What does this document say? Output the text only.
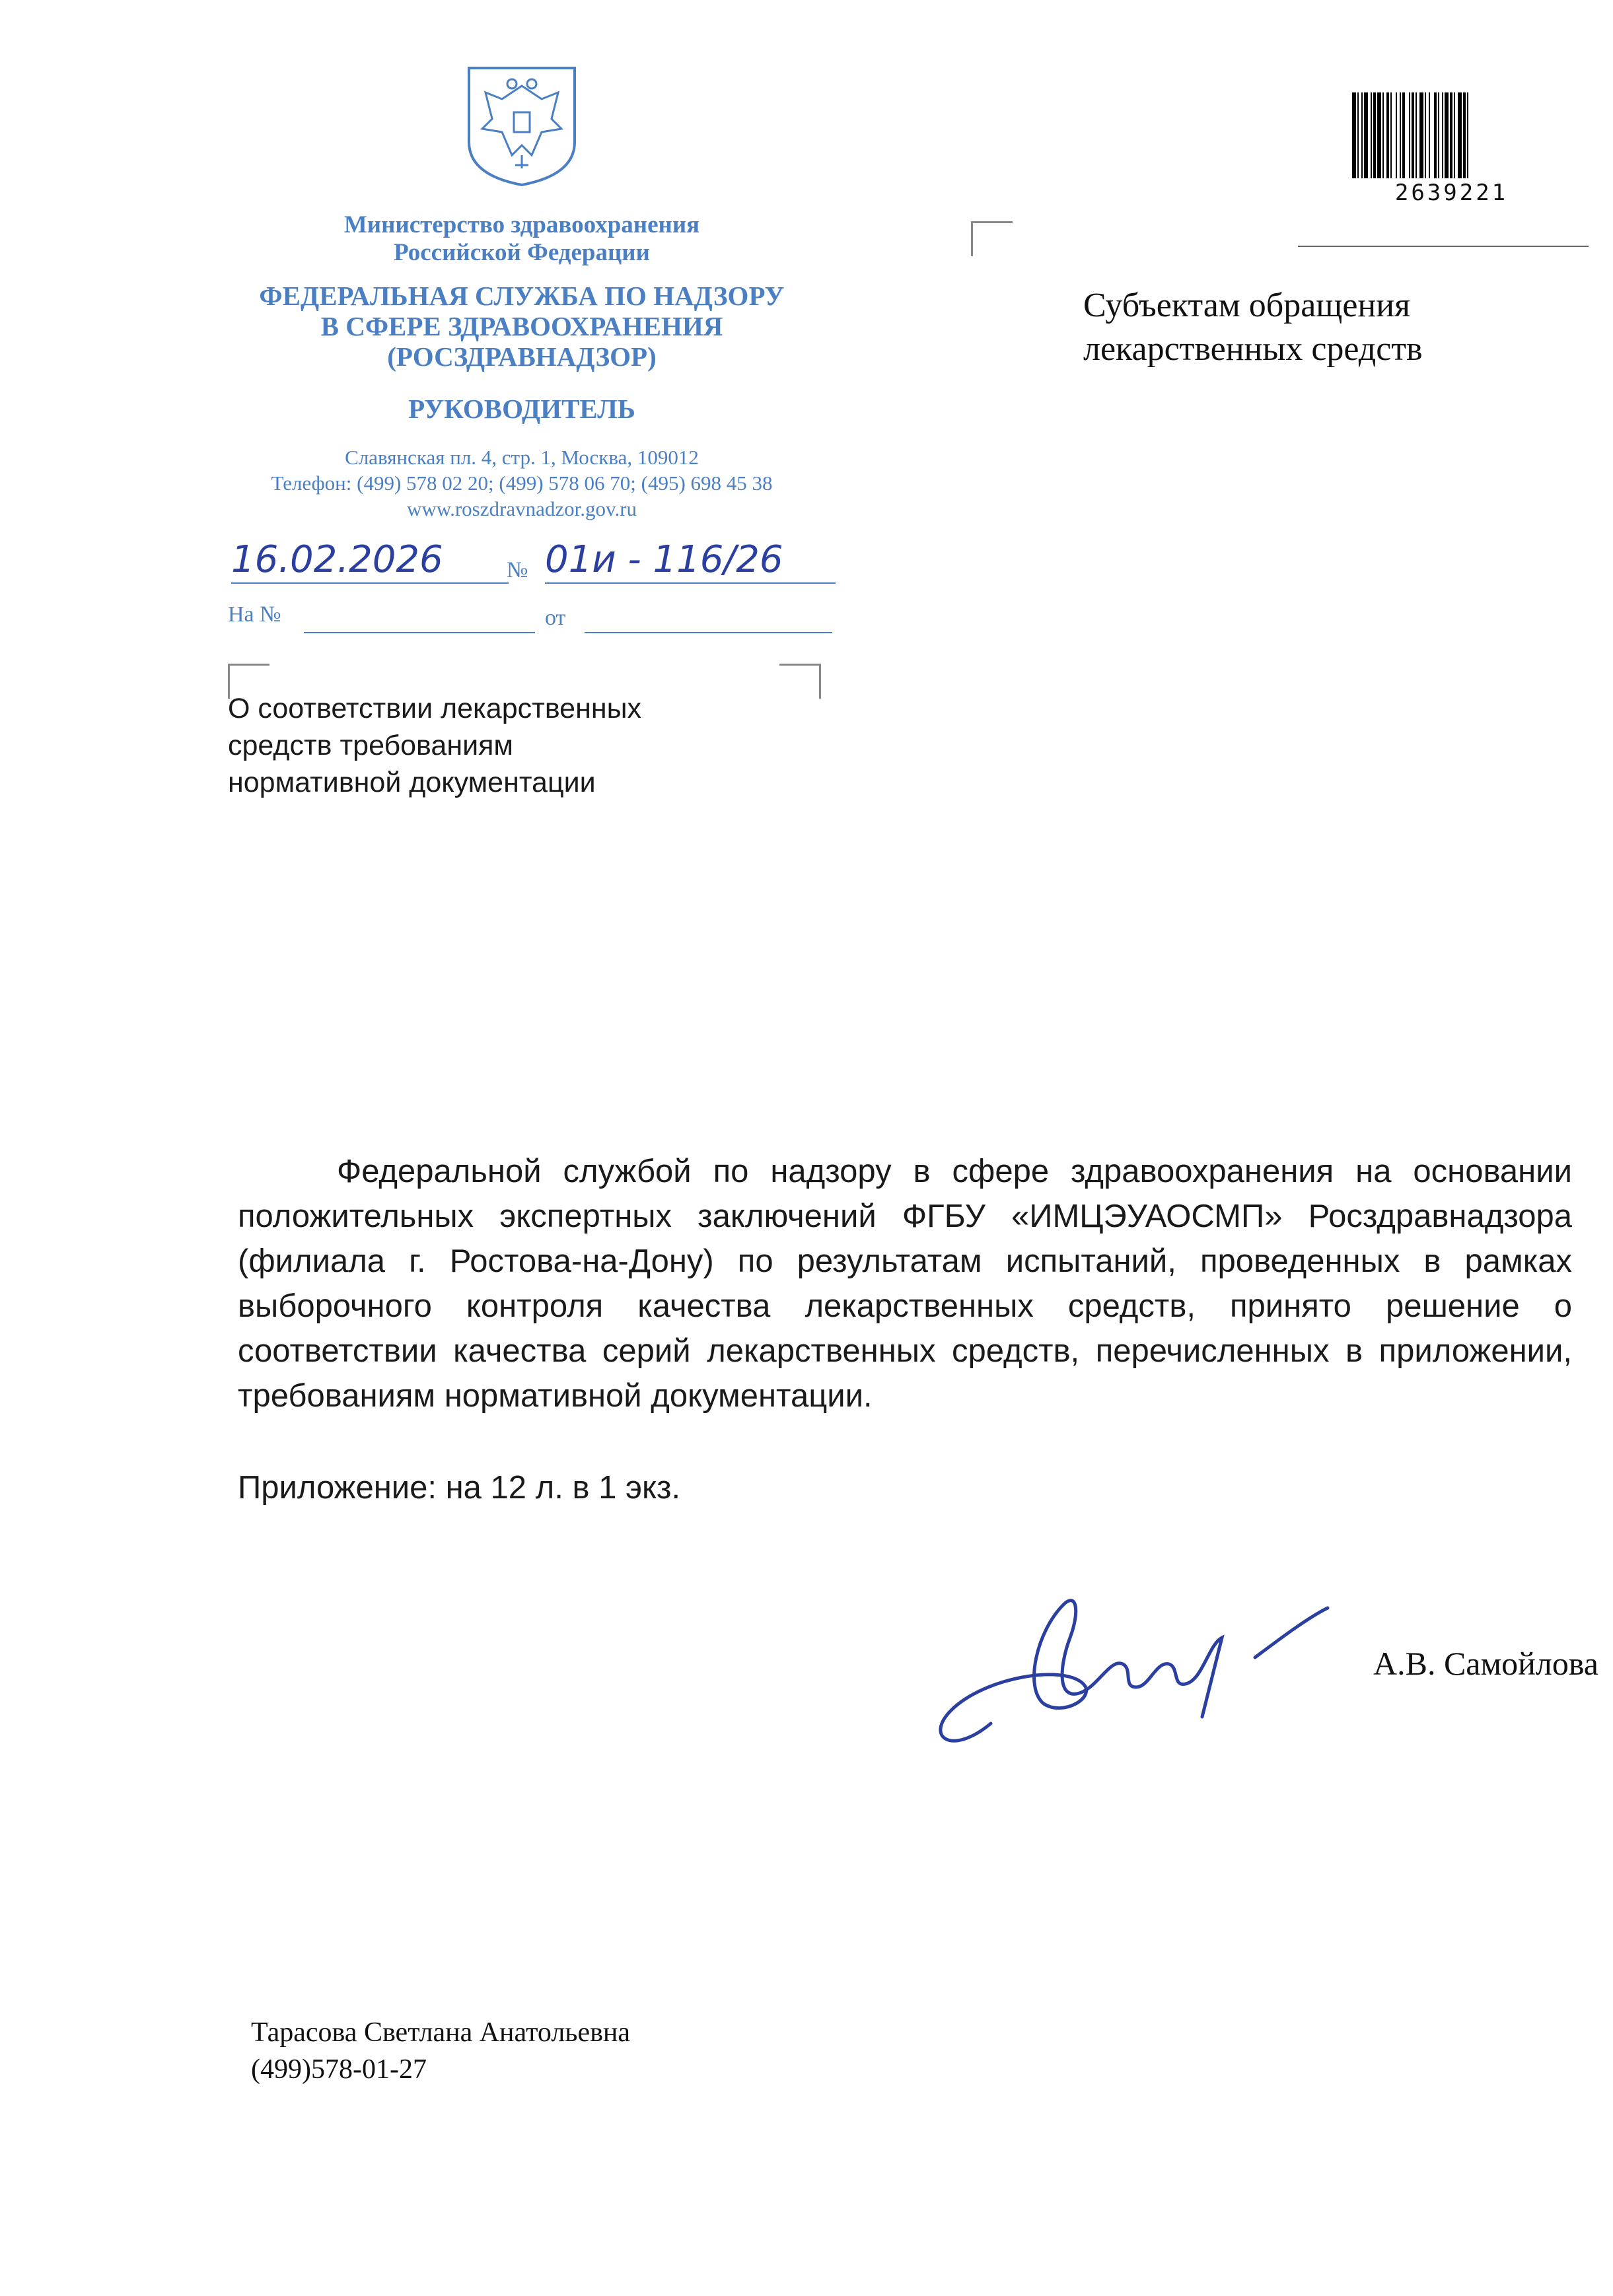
Министерство здравоохранения
Российской Федерации
ФЕДЕРАЛЬНАЯ СЛУЖБА ПО НАДЗОРУ
В СФЕРЕ ЗДРАВООХРАНЕНИЯ
(РОСЗДРАВНАДЗОР)
РУКОВОДИТЕЛЬ
Славянская пл. 4, стр. 1, Москва, 109012
Телефон: (499) 578 02 20; (499) 578 06 70; (495) 698 45 38
www.roszdravnadzor.gov.ru
16.02.2026	№ 01и - 116/26
На №	от
2639221
Субъектам обращения
лекарственных средств
О соответствии лекарственных
средств требованиям
нормативной документации
Федеральной службой по надзору в сфере здравоохранения на основании положительных экспертных заключений ФГБУ «ИМЦЭУАОСМП» Росздравнадзора (филиала г. Ростова-на-Дону) по результатам испытаний, проведенных в рамках выборочного контроля качества лекарственных средств, принято решение о соответствии качества серий лекарственных средств, перечисленных в приложении, требованиям нормативной документации.
Приложение: на 12 л. в 1 экз.
А.В. Самойлова
Тарасова Светлана Анатольевна
(499)578-01-27
